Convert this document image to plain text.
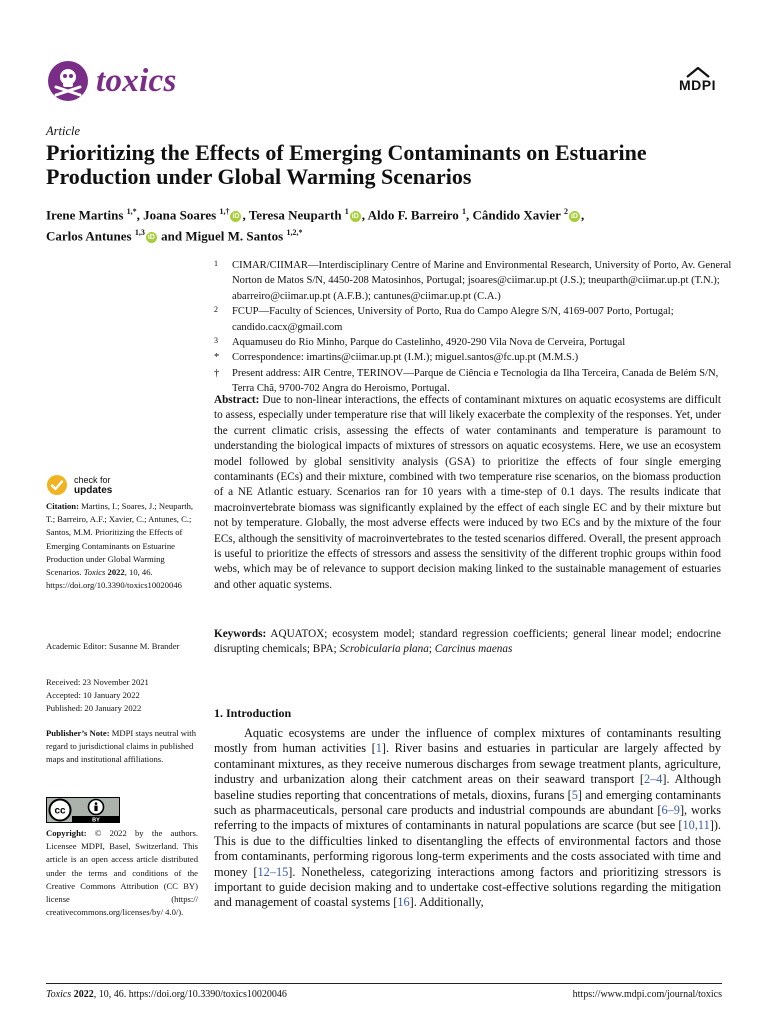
toxics	MDPI
Article
Prioritizing the Effects of Emerging Contaminants on Estuarine Production under Global Warming Scenarios
Irene Martins $^{1,*}$, Joana Soares $^{1,\dagger}$iD , Teresa Neuparth $^1$iD , Aldo F. Barreiro $^1$, Cândido Xavier $^2$iD ,
Carlos Antunes $^{1,3}$iD and Miguel M. Santos $^{1,2,*}$
1	CIMAR/CIIMAR—Interdisciplinary Centre of Marine and Environmental Research, University of Porto, Av. General Norton de Matos S/N, 4450-208 Matosinhos, Portugal; jsoares@ciimar.up.pt (J.S.); tneuparth@ciimar.up.pt (T.N.); abarreiro@ciimar.up.pt (A.F.B.); cantunes@ciimar.up.pt (C.A.)
2	FCUP—Faculty of Sciences, University of Porto, Rua do Campo Alegre S/N, 4169-007 Porto, Portugal; candido.cacx@gmail.com
3	Aquamuseu do Rio Minho, Parque do Castelinho, 4920-290 Vila Nova de Cerveira, Portugal
*	Correspondence: imartins@ciimar.up.pt (I.M.); miguel.santos@fc.up.pt (M.M.S.)
†	Present address: AIR Centre, TERINOV—Parque de Ciência e Tecnologia da Ilha Terceira, Canada de Belém S/N, Terra Chã, 9700-702 Angra do Heroismo, Portugal.
Abstract: Due to non-linear interactions, the effects of contaminant mixtures on aquatic ecosystems are difficult to assess, especially under temperature rise that will likely exacerbate the complexity of the responses. Yet, under the current climatic crisis, assessing the effects of water contaminants and temperature is paramount to understanding the biological impacts of mixtures of stressors on aquatic ecosystems. Here, we use an ecosystem model followed by global sensitivity analysis (GSA) to prioritize the effects of four single emerging contaminants (ECs) and their mixture, combined with two temperature rise scenarios, on the biomass production of a NE Atlantic estuary. Scenarios ran for 10 years with a time-step of 0.1 days. The results indicate that macroinvertebrate biomass was significantly explained by the effect of each single EC and by their mixture but not by temperature. Globally, the most adverse effects were induced by two ECs and by the mixture of the four ECs, although the sensitivity of macroinvertebrates to the tested scenarios differed. Overall, the present approach is useful to prioritize the effects of stressors and assess the sensitivity of the different trophic groups within food webs, which may be of relevance to support decision making linked to the sustainable management of estuaries and other aquatic systems.
Keywords: AQUATOX; ecosystem model; standard regression coefficients; general linear model; endocrine disrupting chemicals; BPA; Scrobicularia plana; Carcinus maenas
check for
updates
Citation: Martins, I.; Soares, J.; Neuparth, T.; Barreiro, A.F.; Xavier, C.; Antunes, C.; Santos, M.M. Prioritizing the Effects of Emerging Contaminants on Estuarine Production under Global Warming Scenarios. Toxics 2022, 10, 46. https://doi.org/10.3390/toxics10020046
Academic Editor: Susanne M. Brander
Received: 23 November 2021
Accepted: 10 January 2022
Published: 20 January 2022
Publisher’s Note: MDPI stays neutral with regard to jurisdictional claims in published maps and institutional affiliations.
cc
BY
Copyright: © 2022 by the authors. Licensee MDPI, Basel, Switzerland. This article is an open access article distributed under the terms and conditions of the Creative Commons Attribution (CC BY) license (https:// creativecommons.org/licenses/by/ 4.0/).
1. Introduction
Aquatic ecosystems are under the influence of complex mixtures of contaminants resulting mostly from human activities [1]. River basins and estuaries in particular are largely affected by contaminant mixtures, as they receive numerous discharges from sewage treatment plants, agriculture, industry and urbanization along their catchment areas on their seaward transport [2–4]. Although baseline studies reporting that concentrations of metals, dioxins, furans [5] and emerging contaminants such as pharmaceuticals, personal care products and industrial compounds are abundant [6–9], works referring to the impacts of mixtures of contaminants in natural populations are scarce (but see [10,11]). This is due to the difficulties linked to disentangling the effects of environmental factors and those from contaminants, performing rigorous long-term experiments and the costs associated with time and money [12–15]. Nonetheless, categorizing interactions among factors and prioritizing stressors is important to guide decision making and to undertake cost-effective solutions regarding the mitigation and management of coastal systems [16]. Additionally,
Toxics 2022, 10, 46. https://doi.org/10.3390/toxics10020046	https://www.mdpi.com/journal/toxics
